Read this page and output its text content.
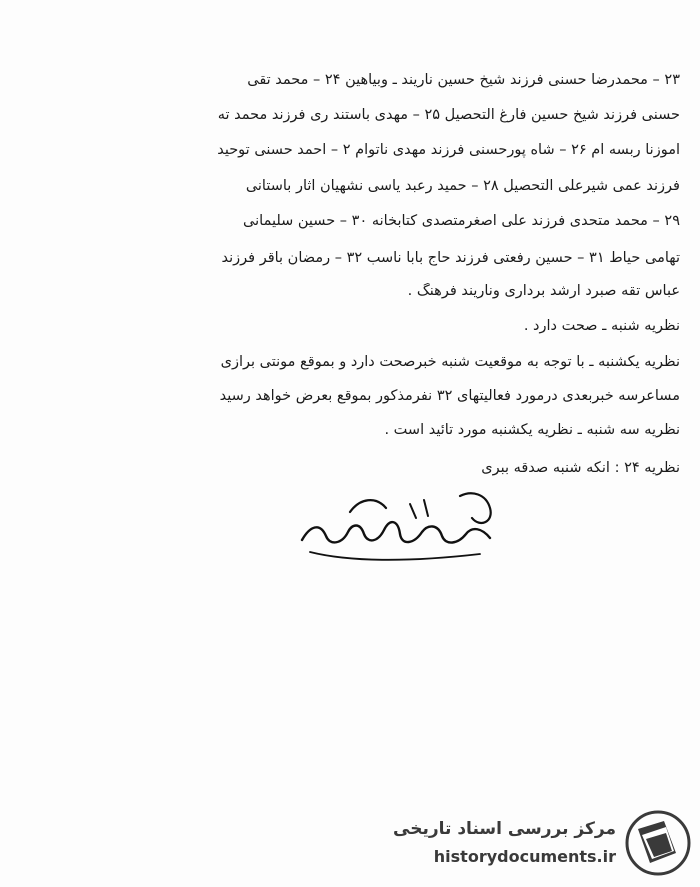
۲۳ – محمدرضا حسنی فرزند شیخ حسین ناریند ـ وبیاهین ۲۴ – محمد تقی
حسنی فرزند شیخ حسین فارغ التحصیل ۲۵ – مهدی باستند ری فرزند محمد ته
آموزنا ربسه ام ۲۶ – شاه پورحسنی فرزند مهدی ناتوام ۲ – احمد حسنی توحید
فرزند عمی شیرعلی التحصیل ۲۸ – حمید رعبد یاسی نشهیان آثار باستانی
۲۹ – محمد متحدی فرزند علی اصغرمتصدی کتابخانه ۳۰ – حسین سلیمانی
تهامی حیاط ۳۱ – حسین رفعتی فرزند حاج بابا ناسب ۳۲ – رمضان باقر فرزند
عباس تقه صبرد ارشد برداری وناریند فرهنگ .
نظریه شنبه ـ صحت دارد .
نظریه یکشنبه ـ با توجه به موقعیت شنبه خبرصحت دارد و بموقع مونتی برازی
مساعرسه خبربعدی درمورد فعالیتهای ۳۲ نفرمذکور بموقع بعرض خواهد رسید
نظریه سه شنبه ـ نظریه یکشنبه مورد تائید است .
نظریه ۲۴ : آنکه شنبه صدقه ببری
مرکز بررسی اسناد تاریخی
historydocuments.ir
